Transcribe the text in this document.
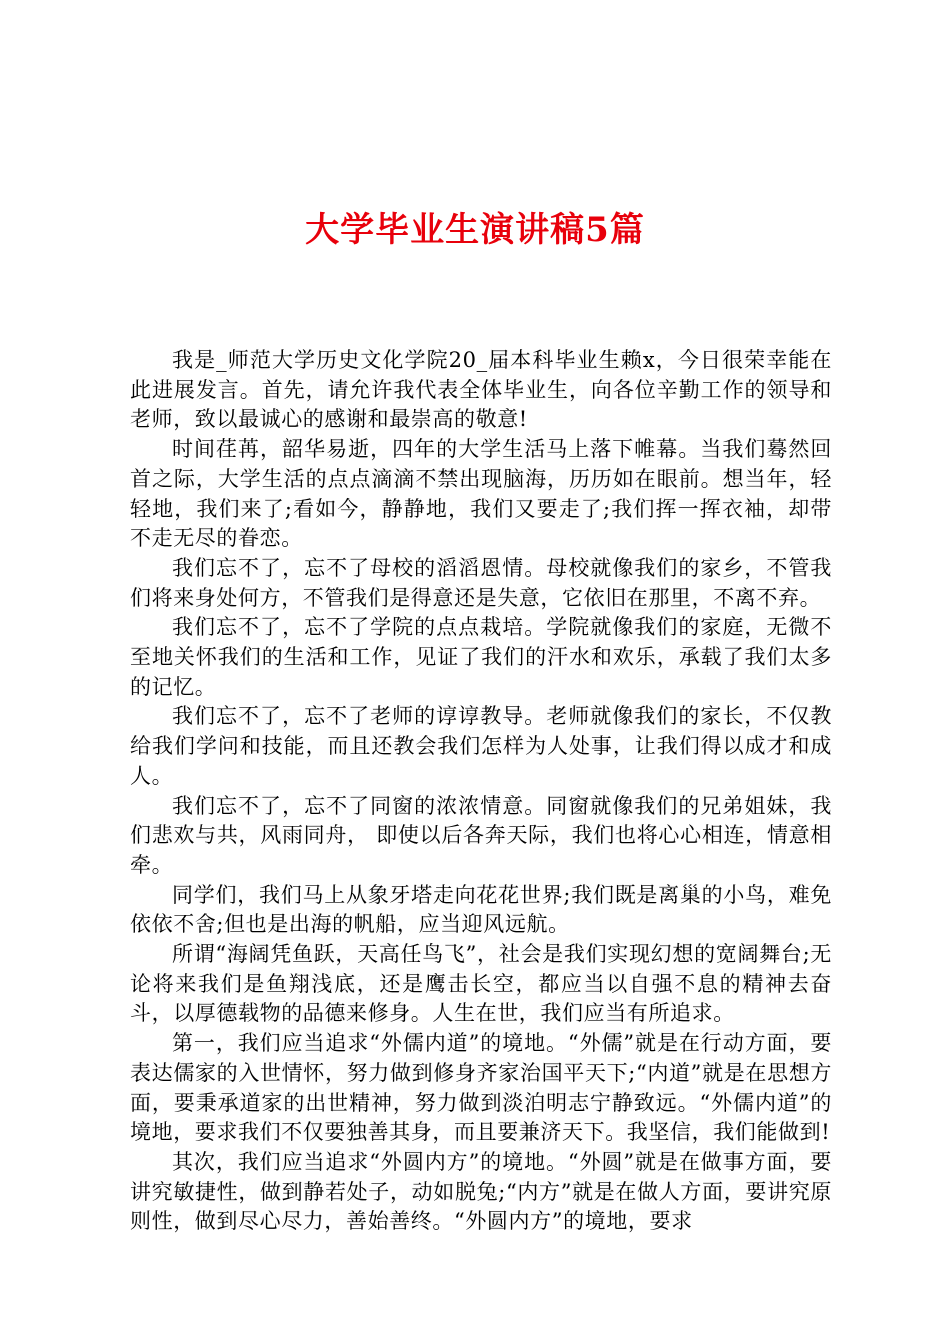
大学毕业生演讲稿5篇

我是_师范大学历史文化学院20_届本科毕业生赖x，今日很荣幸能在此进展发言。首先，请允许我代表全体毕业生，向各位辛勤工作的领导和老师，致以最诚心的感谢和最崇高的敬意!

时间荏苒，韶华易逝，四年的大学生活马上落下帷幕。当我们蓦然回首之际，大学生活的点点滴滴不禁出现脑海，历历如在眼前。想当年，轻轻地，我们来了;看如今，静静地，我们又要走了;我们挥一挥衣袖，却带不走无尽的眷恋。

我们忘不了，忘不了母校的滔滔恩情。母校就像我们的家乡，不管我们将来身处何方，不管我们是得意还是失意，它依旧在那里，不离不弃。

我们忘不了，忘不了学院的点点栽培。学院就像我们的家庭，无微不至地关怀我们的生活和工作，见证了我们的汗水和欢乐，承载了我们太多的记忆。

我们忘不了，忘不了老师的谆谆教导。老师就像我们的家长，不仅教给我们学问和技能，而且还教会我们怎样为人处事，让我们得以成才和成人。

我们忘不了，忘不了同窗的浓浓情意。同窗就像我们的兄弟姐妹，我们悲欢与共，风雨同舟， 即使以后各奔天际，我们也将心心相连，情意相牵。

同学们，我们马上从象牙塔走向花花世界;我们既是离巢的小鸟，难免依依不舍;但也是出海的帆船，应当迎风远航。

所谓“海阔凭鱼跃，天高任鸟飞”，社会是我们实现幻想的宽阔舞台;无论将来我们是鱼翔浅底，还是鹰击长空，都应当以自强不息的精神去奋斗，以厚德载物的品德来修身。人生在世，我们应当有所追求。

第一，我们应当追求“外儒内道”的境地。“外儒”就是在行动方面，要表达儒家的入世情怀，努力做到修身齐家治国平天下;“内道”就是在思想方面，要秉承道家的出世精神，努力做到淡泊明志宁静致远。“外儒内道”的境地，要求我们不仅要独善其身，而且要兼济天下。我坚信，我们能做到!

其次，我们应当追求“外圆内方”的境地。“外圆”就是在做事方面，要讲究敏捷性，做到静若处子，动如脱兔;“内方”就是在做人方面，要讲究原则性，做到尽心尽力，善始善终。“外圆内方”的境地，要求
